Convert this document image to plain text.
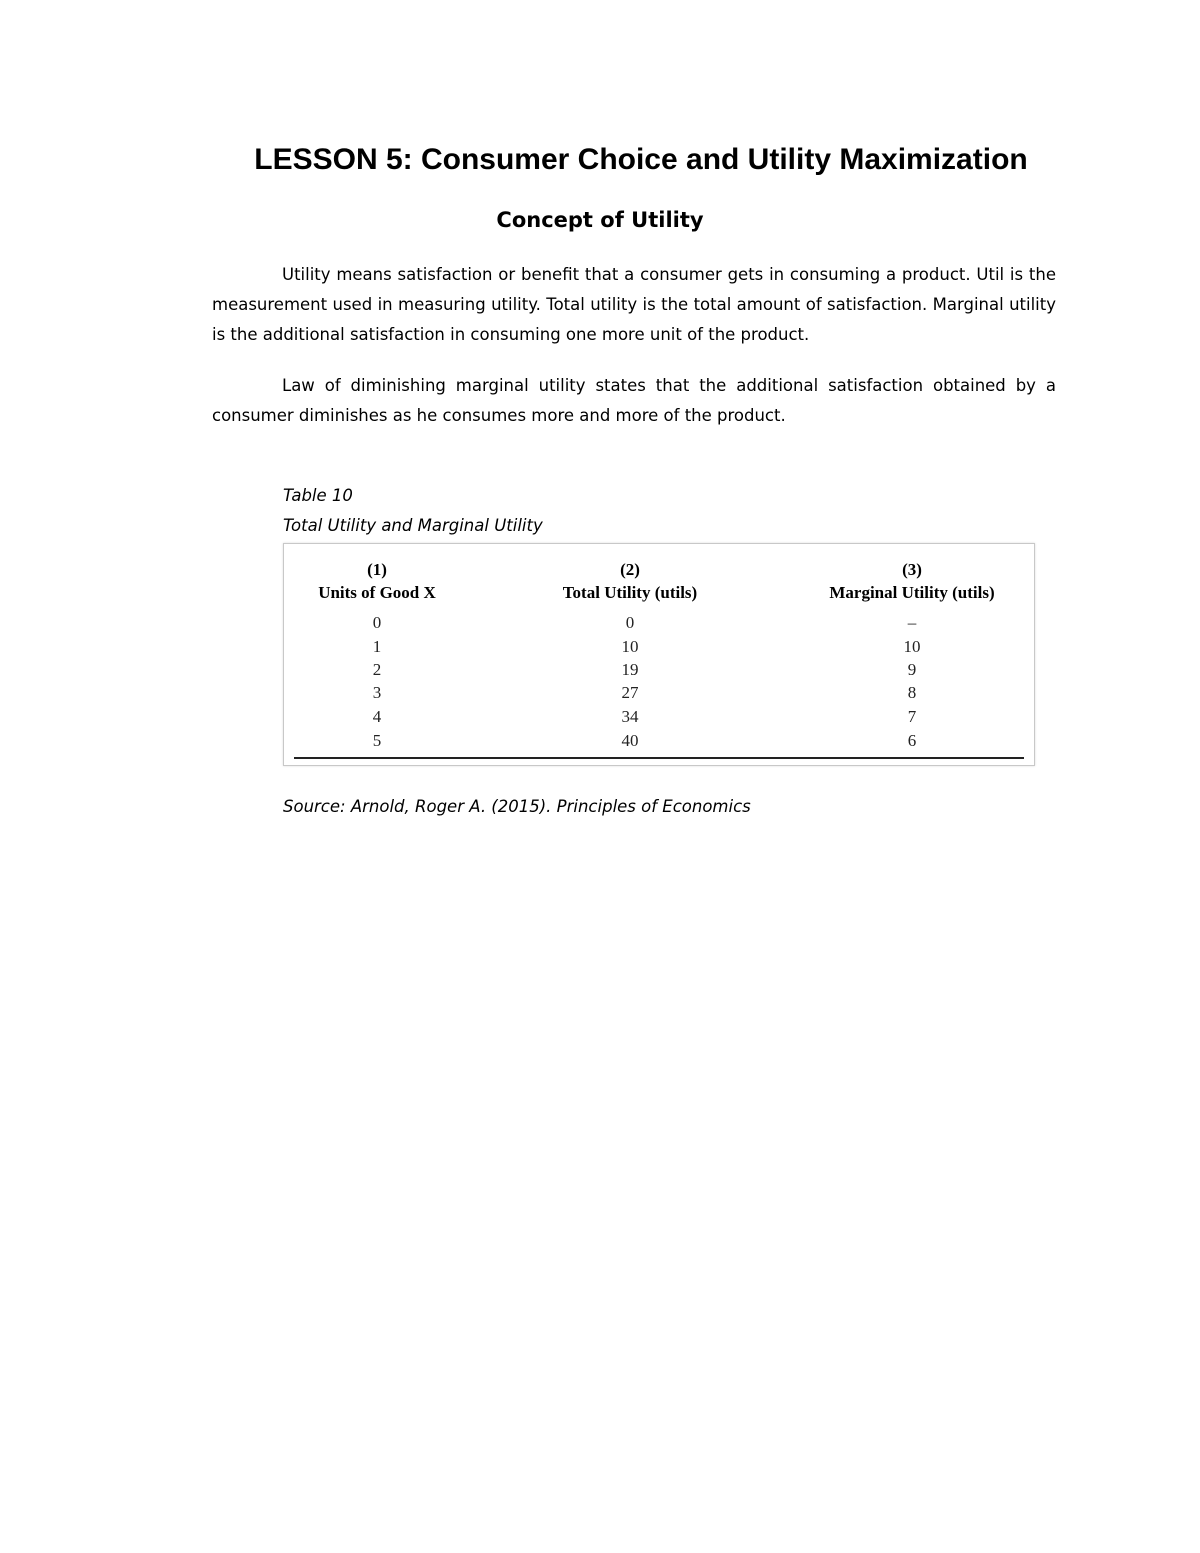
LESSON 5: Consumer Choice and Utility Maximization
Concept of Utility

Utility means satisfaction or benefit that a consumer gets in consuming a product. Util is the measurement used in measuring utility. Total utility is the total amount of satisfaction. Marginal utility is the additional satisfaction in consuming one more unit of the product.

Law of diminishing marginal utility states that the additional satisfaction obtained by a consumer diminishes as he consumes more and more of the product.

Table 10

Total Utility and Marginal Utility

(1)
Units of Good X
0
1
2
3
4
5
(2)
Total Utility (utils)
0
10
19
27
34
40
(3)
Marginal Utility (utils)
–
10
9
8
7
6

Source: Arnold, Roger A. (2015). Principles of Economics
